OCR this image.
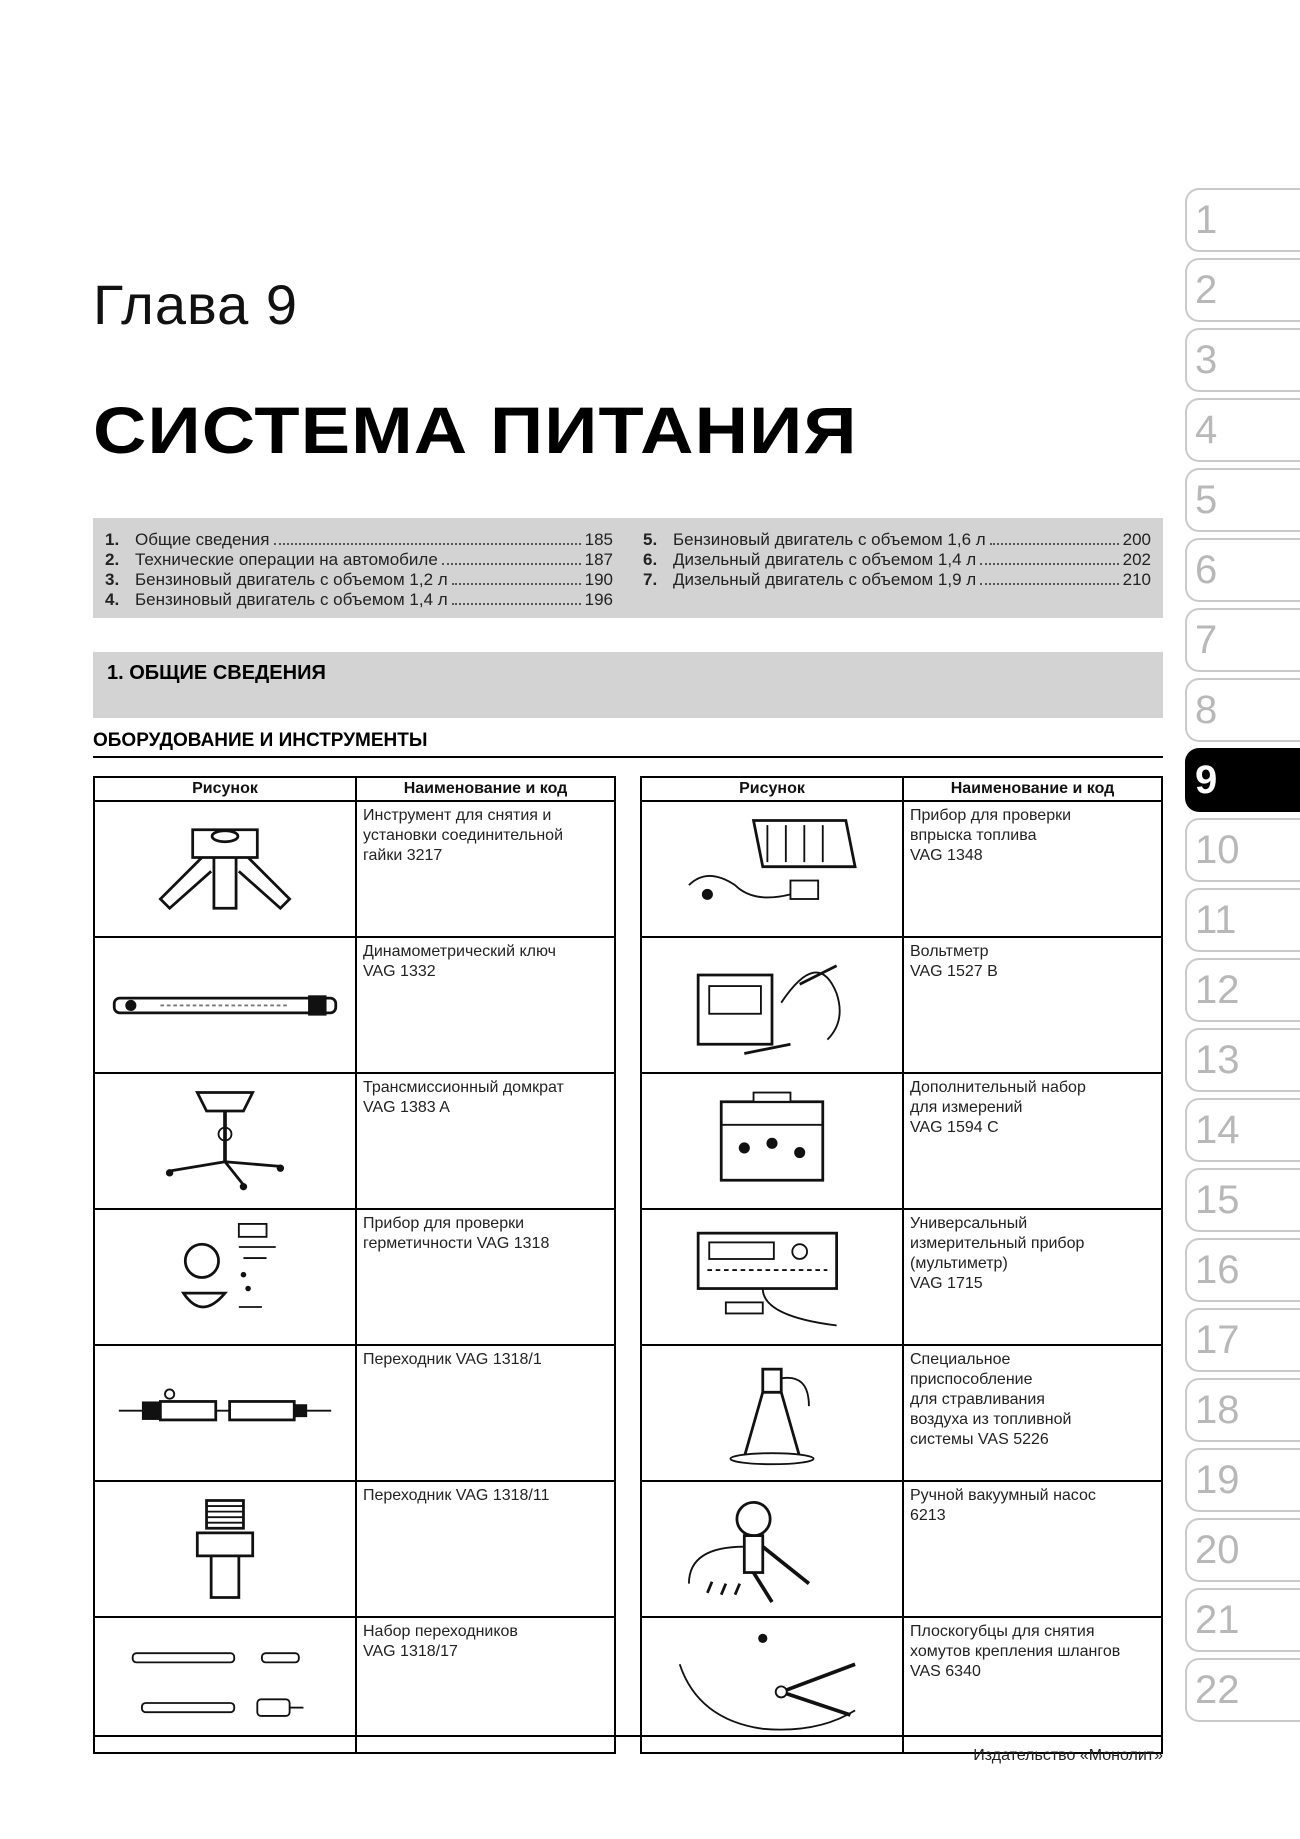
Глава 9
СИСТЕМА ПИТАНИЯ
1. Общие сведения	185
2. Технические операции на автомобиле	187
3. Бензиновый двигатель с объемом 1,2 л	190
4. Бензиновый двигатель с объемом 1,4 л	196
5. Бензиновый двигатель с объемом 1,6 л	200
6. Дизельный двигатель с объемом 1,4 л	202
7. Дизельный двигатель с объемом 1,9 л	210
1. ОБЩИЕ СВЕДЕНИЯ
ОБОРУДОВАНИЕ И ИНСТРУМЕНТЫ
Рисунок	Наименование и код

	Инструмент для снятия и
установки соединительной
гайки 3217

	Динамометрический ключ
VAG 1332

	Трансмиссионный домкрат
VAG 1383 A

	Прибор для проверки
герметичности VAG 1318

	Переходник VAG 1318/1

	Переходник VAG 1318/11

	Набор переходников
VAG 1318/17
Рисунок	Наименование и код

	Прибор для проверки
впрыска топлива
VAG 1348

	Вольтметр
VAG 1527 B

	Дополнительный набор
для измерений
VAG 1594 C

	Универсальный
измерительный прибор
(мультиметр)
VAG 1715

	Специальное
приспособление
для стравливания
воздуха из топливной
системы VAS 5226

	Ручной вакуумный насос
6213

	Плоскогубцы для снятия
хомутов крепления шлангов
VAS 6340
1
2
3
4
5
6
7
8
9
10
11
12
13
14
15
16
17
18
19
20
21
22
Издательство «Монолит»
